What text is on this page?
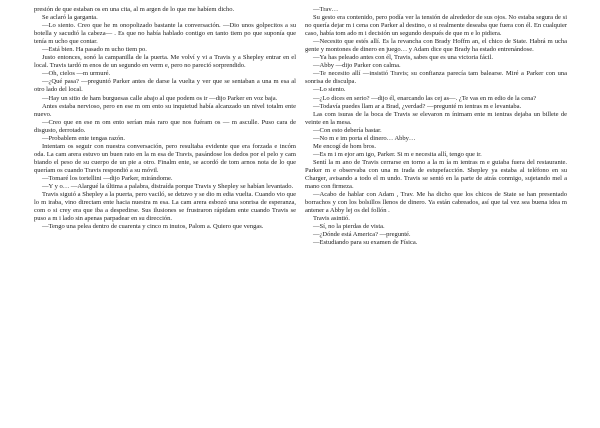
presión de que estaban os en una cita, al m argen de lo que me habíem dicho.

Se aclaró la garganta.

—Lo siento. Creo que he m onopolizado bastante la conversación. —Dio unos golpecitos a su botella y sacudió la cabeza— . Es que no había hablado contigo en tanto tiem po que suponía que tenía m ucho que contar.

—Está bien. Ha pasado m ucho tiem po.

Justo entonces, sonó la campanilla de la puerta. Me volví y vi a Travis y a Shepley entrar en el local. Travis tardó m enos de un segundo en verm e, pero no pareció sorprendido.

—Oh, cielos —m urmuré.

—¿Qué pasa? —preguntó Parker antes de darse la vuelta y ver que se sentaban a una m esa al otro lado del local.

—Hay un sitio de ham burguesas calle abajo al que podem os ir —dijo Parker en voz baja.

Antes estaba nervioso, pero en ese m om ento su inquietud había alcanzado un nivel totalm ente nuevo.

—Creo que en ese m om ento serían más raro que nos fuéram os — m asculle. Puso cara de disgusto, derrotado.

—Probablem ente tengas razón.

Intentam os seguir con nuestra conversación, pero resultaba evidente que era forzada e incóm oda. La cam arera estuvo un buen rato en la m esa de Travis, pasándose los dedos por el pelo y cam biando el peso de su cuerpo de un pie a otro. Finalm ente, se acordó de tom arnos nota de lo que queríam os cuando Travis respondió a su móvil.

—Tomaré los tortellini —dijo Parker, mirándome.

—Y y o… —Alargué la última a palabra, distraída porque Travis y Shepley se habían levantado.

Travis siguió a Shepley a la puerta, pero vaciló, se detuvo y se dio m edia vuelta. Cuando vio que lo m iraba, vino directam ente hacia nuestra m esa. La cam arera esbozó una sonrisa de esperanza, com o si crey era que iba a despedirse. Sus ilusiones se frustraron rápidam ente cuando Travis se puso a m i lado sin apenas parpadear en su dirección.

—Tengo una pelea dentro de cuarenta y cinco m inutos, Palom a. Quiero que vengas.

—Trav…

Su gesto era contenido, pero podía ver la tensión de alrededor de sus ojos. No estaba segura de si no quería dejar m i cena con Parker al destino, o si realmente deseaba que fuera con él. En cualquier caso, había tom ado m i decisión un segundo después de que m e lo pidiera.

—Necesito que estés allí. Es la revancha con Brady Hoffm an, el chico de State. Habrá m ucha gente y montones de dinero en juego… y Adam dice que Brady ha estado entrenándose.

—Ya has peleado antes con él, Travis, sabes que es una victoria fácil.

—Abby —dijo Parker con calma.

—Te necesito allí —insistió Travis; su confianza parecía tam balearse. Miré a Parker con una sonrisa de disculpa.

—Lo siento.

—¿Lo dices en serio? —dijo él, enarcando las cej as—. ¿Te vas en m edio de la cena?

—Todavía puedes llam ar a Brad, ¿verdad? —pregunté m ientras m e levantaba.

Las com isuras de la boca de Travis se elevaron m ínimam ente m ientras dejaba un billete de veinte en la mesa.

—Con esto debería bastar.

—No m e im porta el dinero… Abby…

Me encogí de hom bros.

—Es m i m ejor am igo, Parker. Si m e necesita allí, tengo que ir.

Sentí la m ano de Travis cerrarse en torno a la m ía m ientras m e guiaba fuera del restaurante. Parker m e observaba con una m irada de estupefacción. Shepley ya estaba al teléfono en su Charger, avisando a todo el m undo. Travis se sentó en la parte de atrás conmigo, sujetando mel a mano con firmeza.

—Acabo de hablar con Adam , Trav. Me ha dicho que los chicos de State se han presentado borrachos y con los bolsillos llenos de dinero. Ya están cabreados, así que tal vez sea buena idea m antener a Abby lej os del follón .

Travis asintió.

—Sí, no la pierdas de vista.

—¿Dónde está America? —pregunté.

—Estudiando para su examen de Física.
